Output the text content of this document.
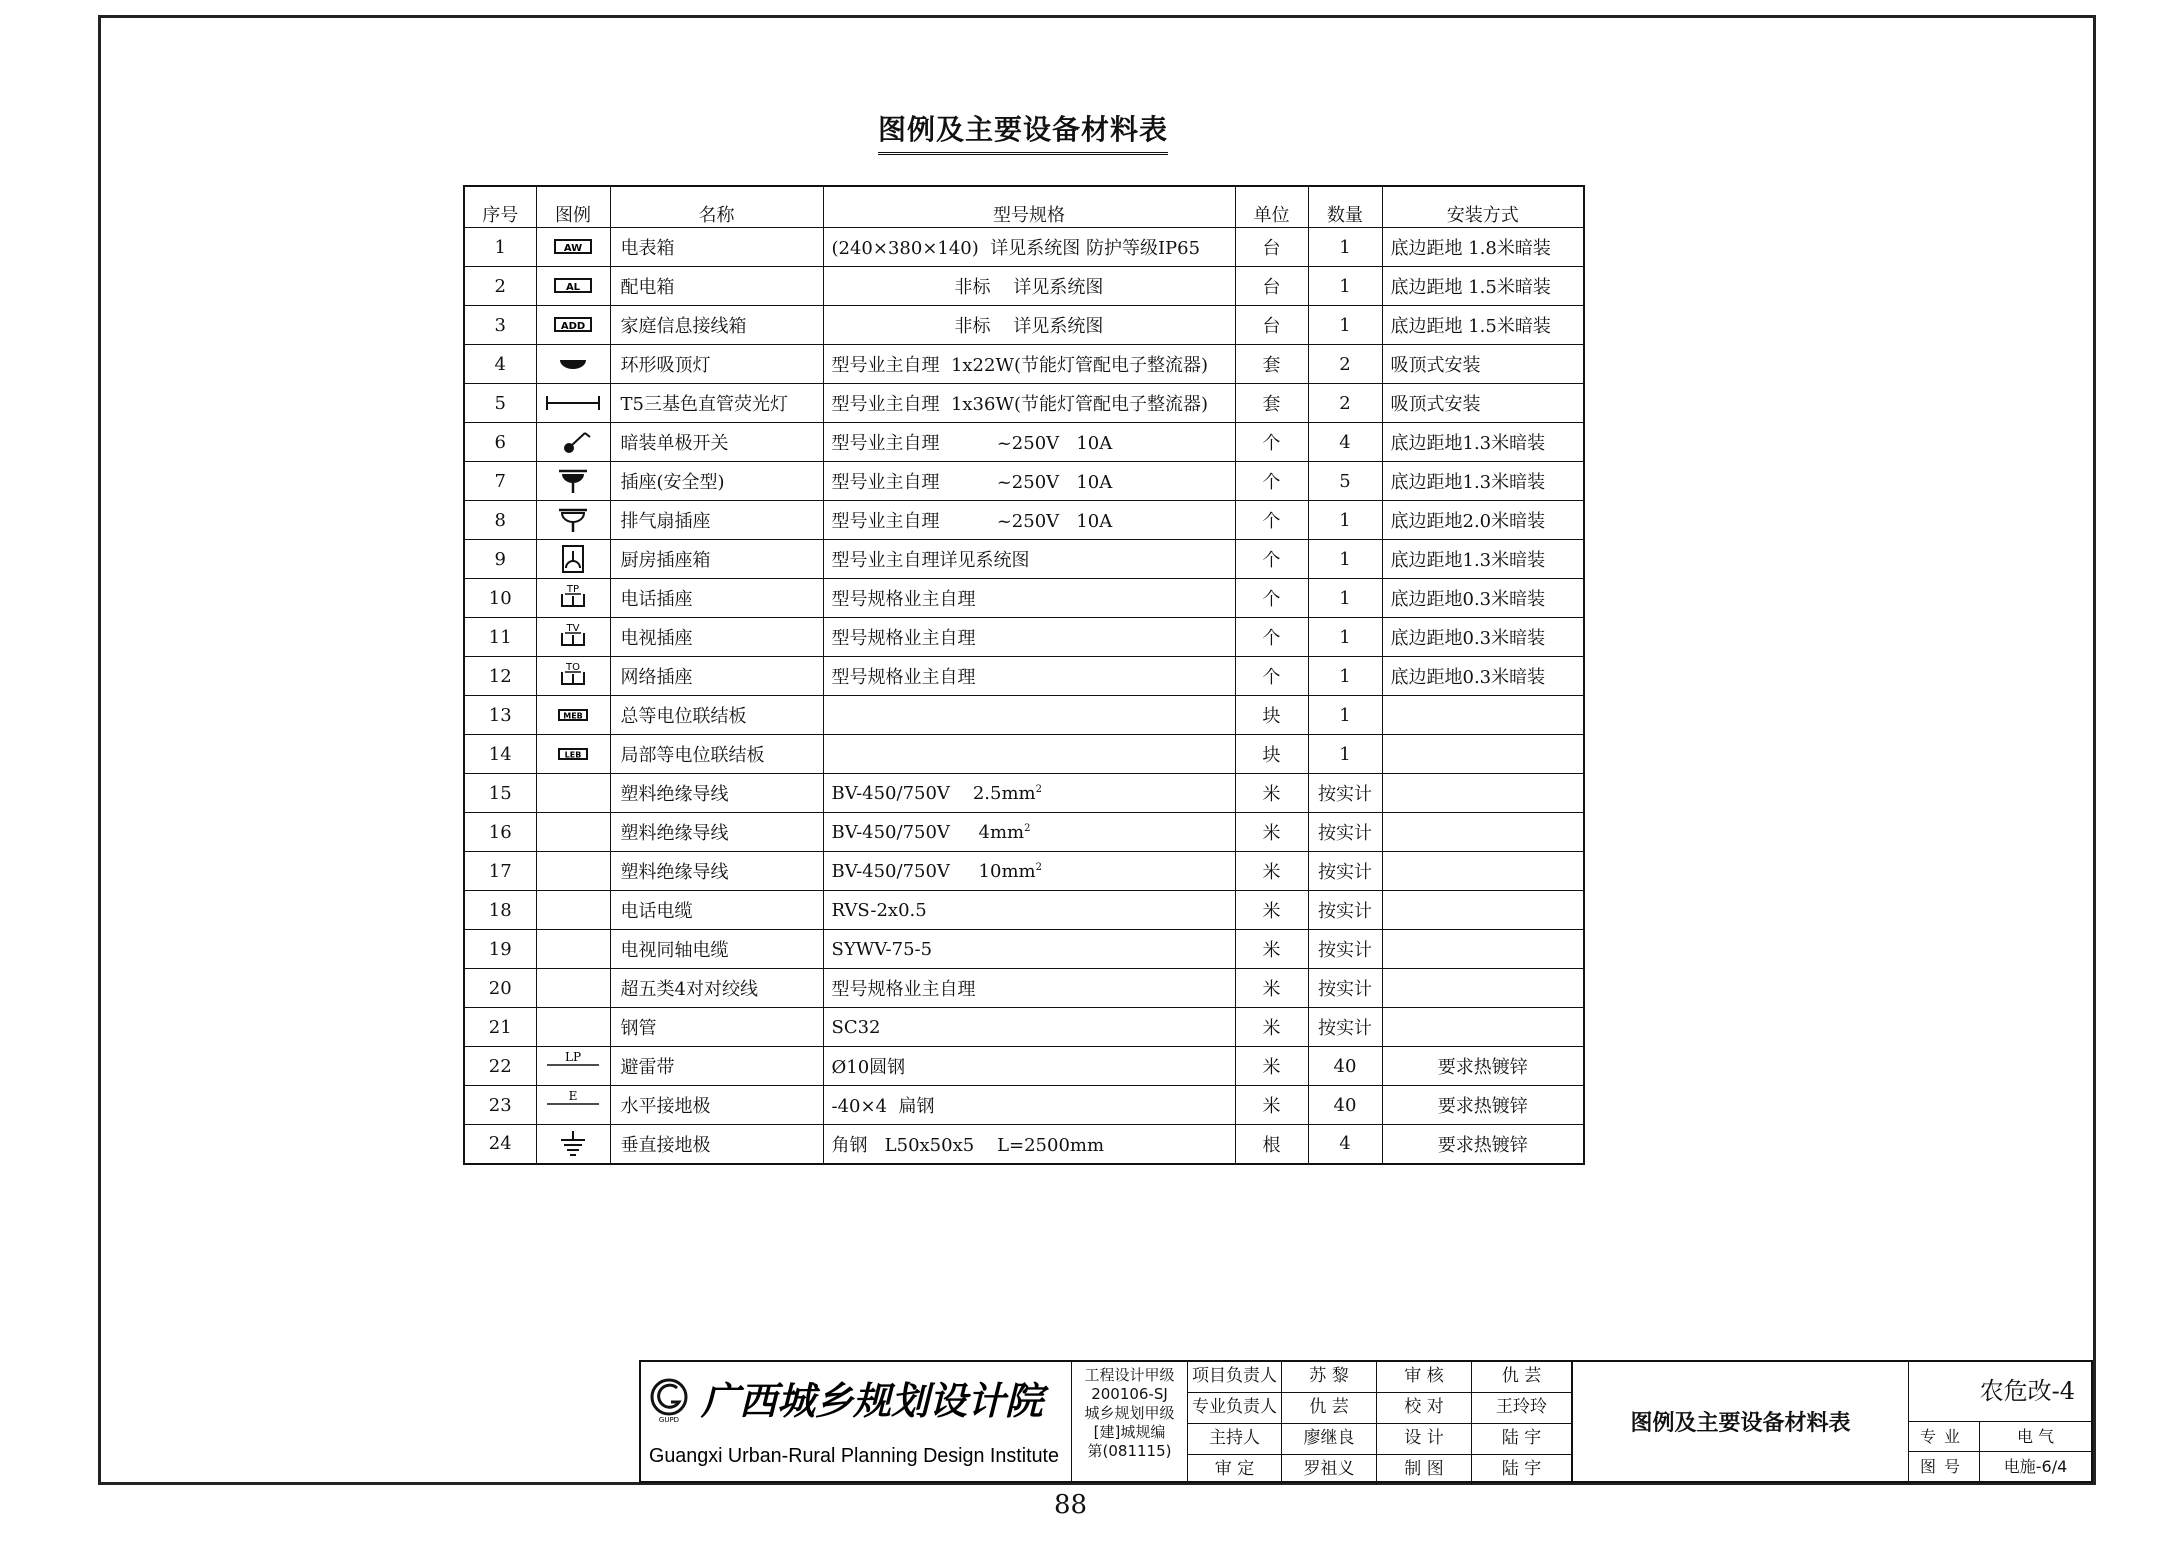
图例及主要设备材料表
序号	图例	名称	型号规格	单位	数量	安装方式
1	AW	电表箱	(240×380×140)  详见系统图 防护等级IP65	台	1	底边距地 1.8米暗装
2	AL	配电箱	非标    详见系统图	台	1	底边距地 1.5米暗装
3	ADD	家庭信息接线箱	非标    详见系统图	台	1	底边距地 1.5米暗装
4		环形吸顶灯	型号业主自理  1x22W(节能灯管配电子整流器)	套	2	吸顶式安装
5		T5三基色直管荧光灯	型号业主自理  1x36W(节能灯管配电子整流器)	套	2	吸顶式安装
6		暗装单极开关	型号业主自理          ~250V   10A	个	4	底边距地1.3米暗装
7		插座(安全型)	型号业主自理          ~250V   10A	个	5	底边距地1.3米暗装
8		排气扇插座	型号业主自理          ~250V   10A	个	1	底边距地2.0米暗装
9		厨房插座箱	型号业主自理详见系统图	个	1	底边距地1.3米暗装
10	TP	电话插座	型号规格业主自理	个	1	底边距地0.3米暗装
11	TV	电视插座	型号规格业主自理	个	1	底边距地0.3米暗装
12	TO	网络插座	型号规格业主自理	个	1	底边距地0.3米暗装
13	MEB	总等电位联结板		块	1	
14	LEB	局部等电位联结板		块	1	
15		塑料绝缘导线	BV-450/750V    $2.5mm^2$	米	按实计	
16		塑料绝缘导线	BV-450/750V     $4mm^2$	米	按实计	
17		塑料绝缘导线	BV-450/750V     $10mm^2$	米	按实计	
18		电话电缆	RVS-2x0.5	米	按实计	
19		电视同轴电缆	SYWV-75-5	米	按实计	
20		超五类4对对绞线	型号规格业主自理	米	按实计	
21		钢管	SC32	米	按实计	
22	LP	避雷带	Ø10圆钢	米	40	要求热镀锌
23	E	水平接地极	-40×4  扁钢	米	40	要求热镀锌
24		垂直接地极	角钢   L50x50x5    L=2500mm	根	4	要求热镀锌
GUPD 广西城乡规划设计院
Guangxi Urban-Rural Planning Design Institute
工程设计甲级
200106-SJ
城乡规划甲级
[建]城规编
第(081115)
项目负责人	苏 黎	审 核	仇 芸
专业负责人	仇 芸	校 对	王玲玲
主持人	廖继良	设 计	陆 宇
审 定	罗祖义	制 图	陆 宇
图例及主要设备材料表
农危改-4
专业	电 气
图号	电施-6/4
88
